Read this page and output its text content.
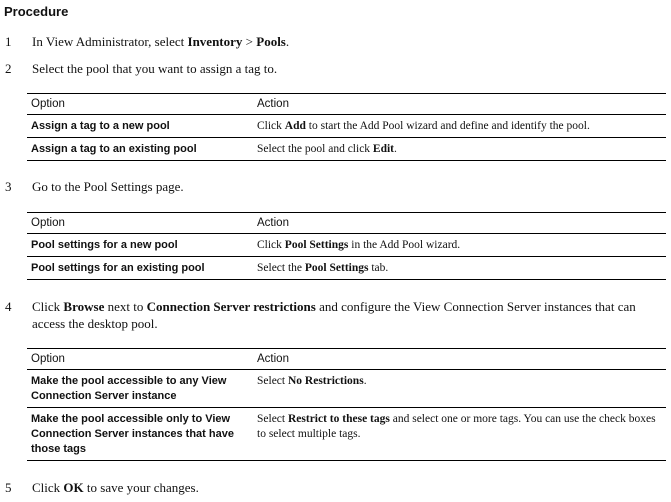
Procedure
1	In View Administrator, select Inventory > Pools.
2	Select the pool that you want to assign a tag to.
Option	Action
Assign a tag to a new pool	Click Add to start the Add Pool wizard and define and identify the pool.
Assign a tag to an existing pool	Select the pool and click Edit.
3	Go to the Pool Settings page.
Option	Action
Pool settings for a new pool	Click Pool Settings in the Add Pool wizard.
Pool settings for an existing pool	Select the Pool Settings tab.
4	Click Browse next to Connection Server restrictions and configure the View Connection Server instances that can access the desktop pool.
Option	Action
Make the pool accessible to any View Connection Server instance	Select No Restrictions.
Make the pool accessible only to View Connection Server instances that have those tags	Select Restrict to these tags and select one or more tags. You can use the check boxes to select multiple tags.
5	Click OK to save your changes.
